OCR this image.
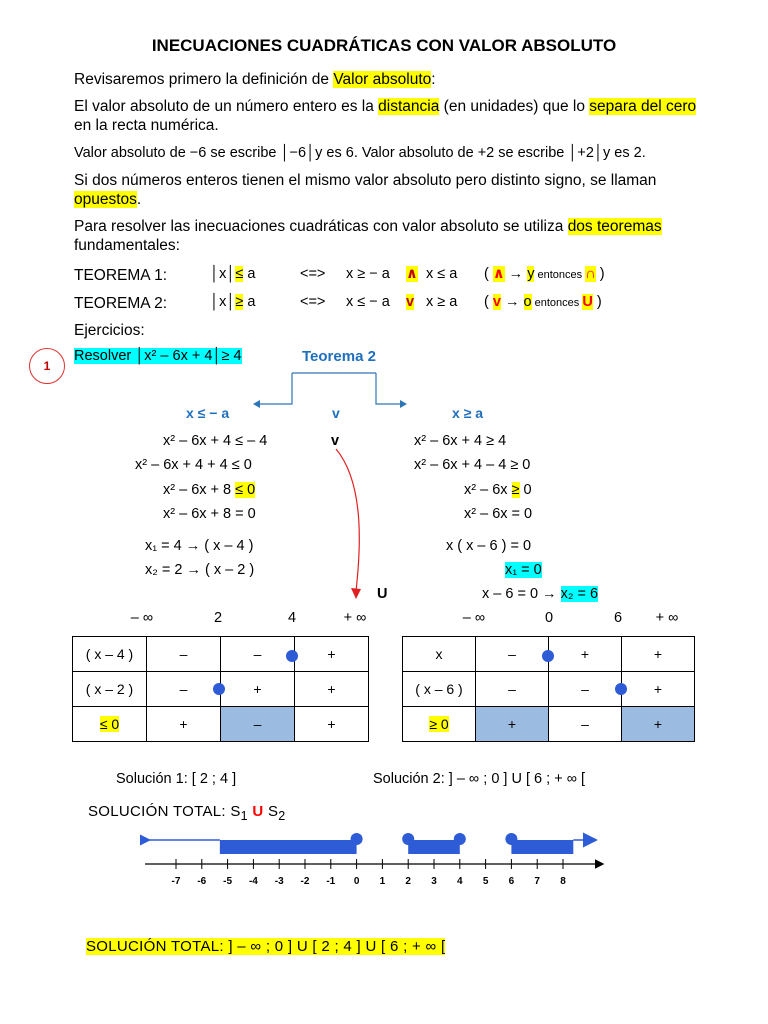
INECUACIONES CUADRÁTICAS CON VALOR ABSOLUTO
Revisaremos primero la definición de Valor absoluto:
El valor absoluto de un número entero es la distancia (en unidades) que lo separa del cero
en la recta numérica.
Valor absoluto de −6 se escribe │−6│y es 6. Valor absoluto de +2 se escribe │+2│y es 2.
Si dos números enteros tienen el mismo valor absoluto pero distinto signo, se llaman
opuestos.
Para resolver las inecuaciones cuadráticas con valor absoluto se utiliza dos teoremas
fundamentales:
TEOREMA 1:	│x│≤ a	<=> x ≥ − a ∧ x ≤ a ( ∧ → y entonces ∩ )
TEOREMA 2:	│x│≥ a	<=> x ≤ − a v x ≥ a ( v → o entonces U )
Ejercicios:
1
Resolver │x² – 6x + 4│≥ 4	Teorema 2
x ≤ − a	v	x ≥ a
x² – 6x + 4 ≤ – 4
x² – 6x + 4 + 4 ≤ 0
x² – 6x + 8 ≤ 0
x² – 6x + 8 = 0
v	x² – 6x + 4 ≥ 4
x² – 6x + 4 – 4 ≥ 0
x² – 6x ≥ 0
x² – 6x = 0
x₁ = 4 → ( x – 4 )
x₂ = 2 → ( x – 2 )
x ( x – 6 ) = 0
x₁ = 0
x – 6 = 0 → x₂ = 6
U
– ∞	2	4	+ ∞	– ∞	0	6	+ ∞
( x – 4 )	–	–	+
( x – 2 )	–	+	+
≤ 0	+	–	+
x	–	+	+
( x – 6 )	–	–	+
≥ 0	+	–	+
Solución 1: [ 2 ; 4 ]	Solución 2: ] – ∞ ; 0 ] U [ 6 ; + ∞ [
SOLUCIÓN TOTAL: $S_1$ U $S_2$
-7 -6 -5 -4 -3 -2 -1 0 1 2 3 4 5 6 7 8
SOLUCIÓN TOTAL: ] – ∞ ; 0 ] U [ 2 ; 4 ] U [ 6 ; + ∞ [
